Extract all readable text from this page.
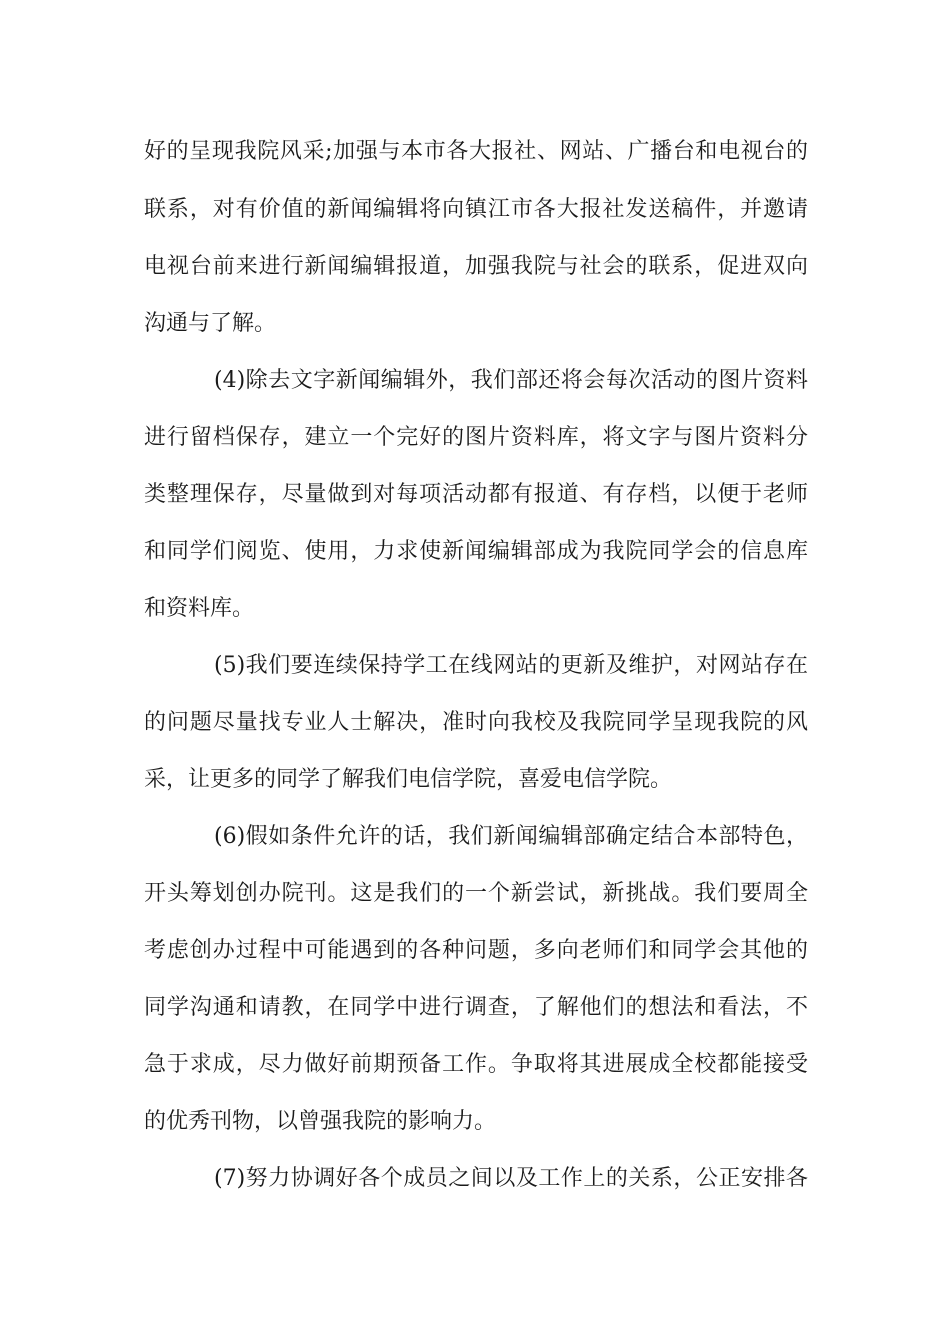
好的呈现我院风采;加强与本市各大报社、网站、广播台和电视台的
联系，对有价值的新闻编辑将向镇江市各大报社发送稿件，并邀请
电视台前来进行新闻编辑报道，加强我院与社会的联系，促进双向
沟通与了解。
(4)除去文字新闻编辑外，我们部还将会每次活动的图片资料
进行留档保存，建立一个完好的图片资料库，将文字与图片资料分
类整理保存，尽量做到对每项活动都有报道、有存档，以便于老师
和同学们阅览、使用，力求使新闻编辑部成为我院同学会的信息库
和资料库。
(5)我们要连续保持学工在线网站的更新及维护，对网站存在
的问题尽量找专业人士解决，准时向我校及我院同学呈现我院的风
采，让更多的同学了解我们电信学院，喜爱电信学院。
(6)假如条件允许的话，我们新闻编辑部确定结合本部特色，
开头筹划创办院刊。这是我们的一个新尝试，新挑战。我们要周全
考虑创办过程中可能遇到的各种问题，多向老师们和同学会其他的
同学沟通和请教，在同学中进行调查，了解他们的想法和看法，不
急于求成，尽力做好前期预备工作。争取将其进展成全校都能接受
的优秀刊物，以曾强我院的影响力。
(7)努力协调好各个成员之间以及工作上的关系，公正安排各
